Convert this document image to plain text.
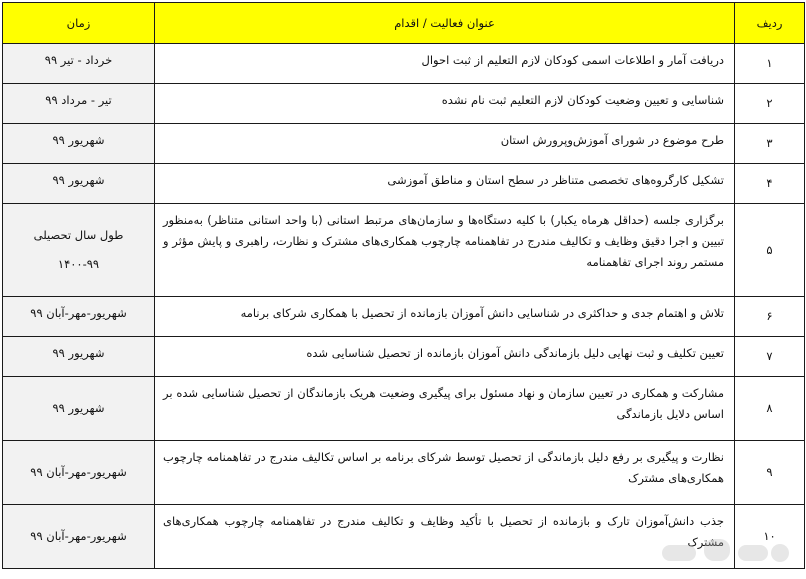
ردیف	عنوان فعالیت / اقدام	زمان
۱	دریافت آمار و اطلاعات اسمی کودکان لازم التعلیم از ثبت احوال	خرداد - تیر ۹۹

۲	شناسایی و تعیین وضعیت کودکان لازم التعلیم ثبت نام نشده	تیر - مرداد ۹۹

۳	طرح موضوع در شورای آموزش‌وپرورش استان	شهریور ۹۹

۴	تشکیل کارگروه‌های تخصصی متناظر در سطح استان و مناطق آموزشی	شهریور ۹۹

۵	برگزاری جلسه (حداقل هرماه یکبار) با کلیه دستگاه‌ها و سازمان‌های مرتبط استانی (با واحد استانی متناظر) به‌منظور تبیین و اجرا دقیق وظایف و تکالیف مندرج در تفاهمنامه چارچوب همکاری‌های مشترک و نظارت، راهبری و پایش مؤثر و مستمر روند اجرای تفاهمنامه	طول سال تحصیلی
۱۴۰۰-۹۹

۶	تلاش و اهتمام جدی و حداکثری در شناسایی دانش آموزان بازمانده از تحصیل با همکاری شرکای برنامه	شهریور-مهر-آبان ۹۹

۷	تعیین تکلیف و ثبت نهایی دلیل بازماندگی دانش آموزان بازمانده از تحصیل شناسایی شده	شهریور ۹۹

۸	مشارکت و همکاری در تعیین سازمان و نهاد مسئول برای پیگیری وضعیت هریک بازماندگان از تحصیل شناسایی شده بر اساس دلایل بازماندگی	شهریور ۹۹

۹	نظارت و پیگیری بر رفع دلیل بازماندگی از تحصیل توسط شرکای برنامه بر اساس تکالیف مندرج در تفاهمنامه چارچوب همکاری‌های مشترک	شهریور-مهر-آبان ۹۹

۱۰	جذب دانش‌آموزان تارک و بازمانده از تحصیل با تأکید وظایف و تکالیف مندرج در تفاهمنامه چارچوب همکاری‌های مشترک	شهریور-مهر-آبان ۹۹
